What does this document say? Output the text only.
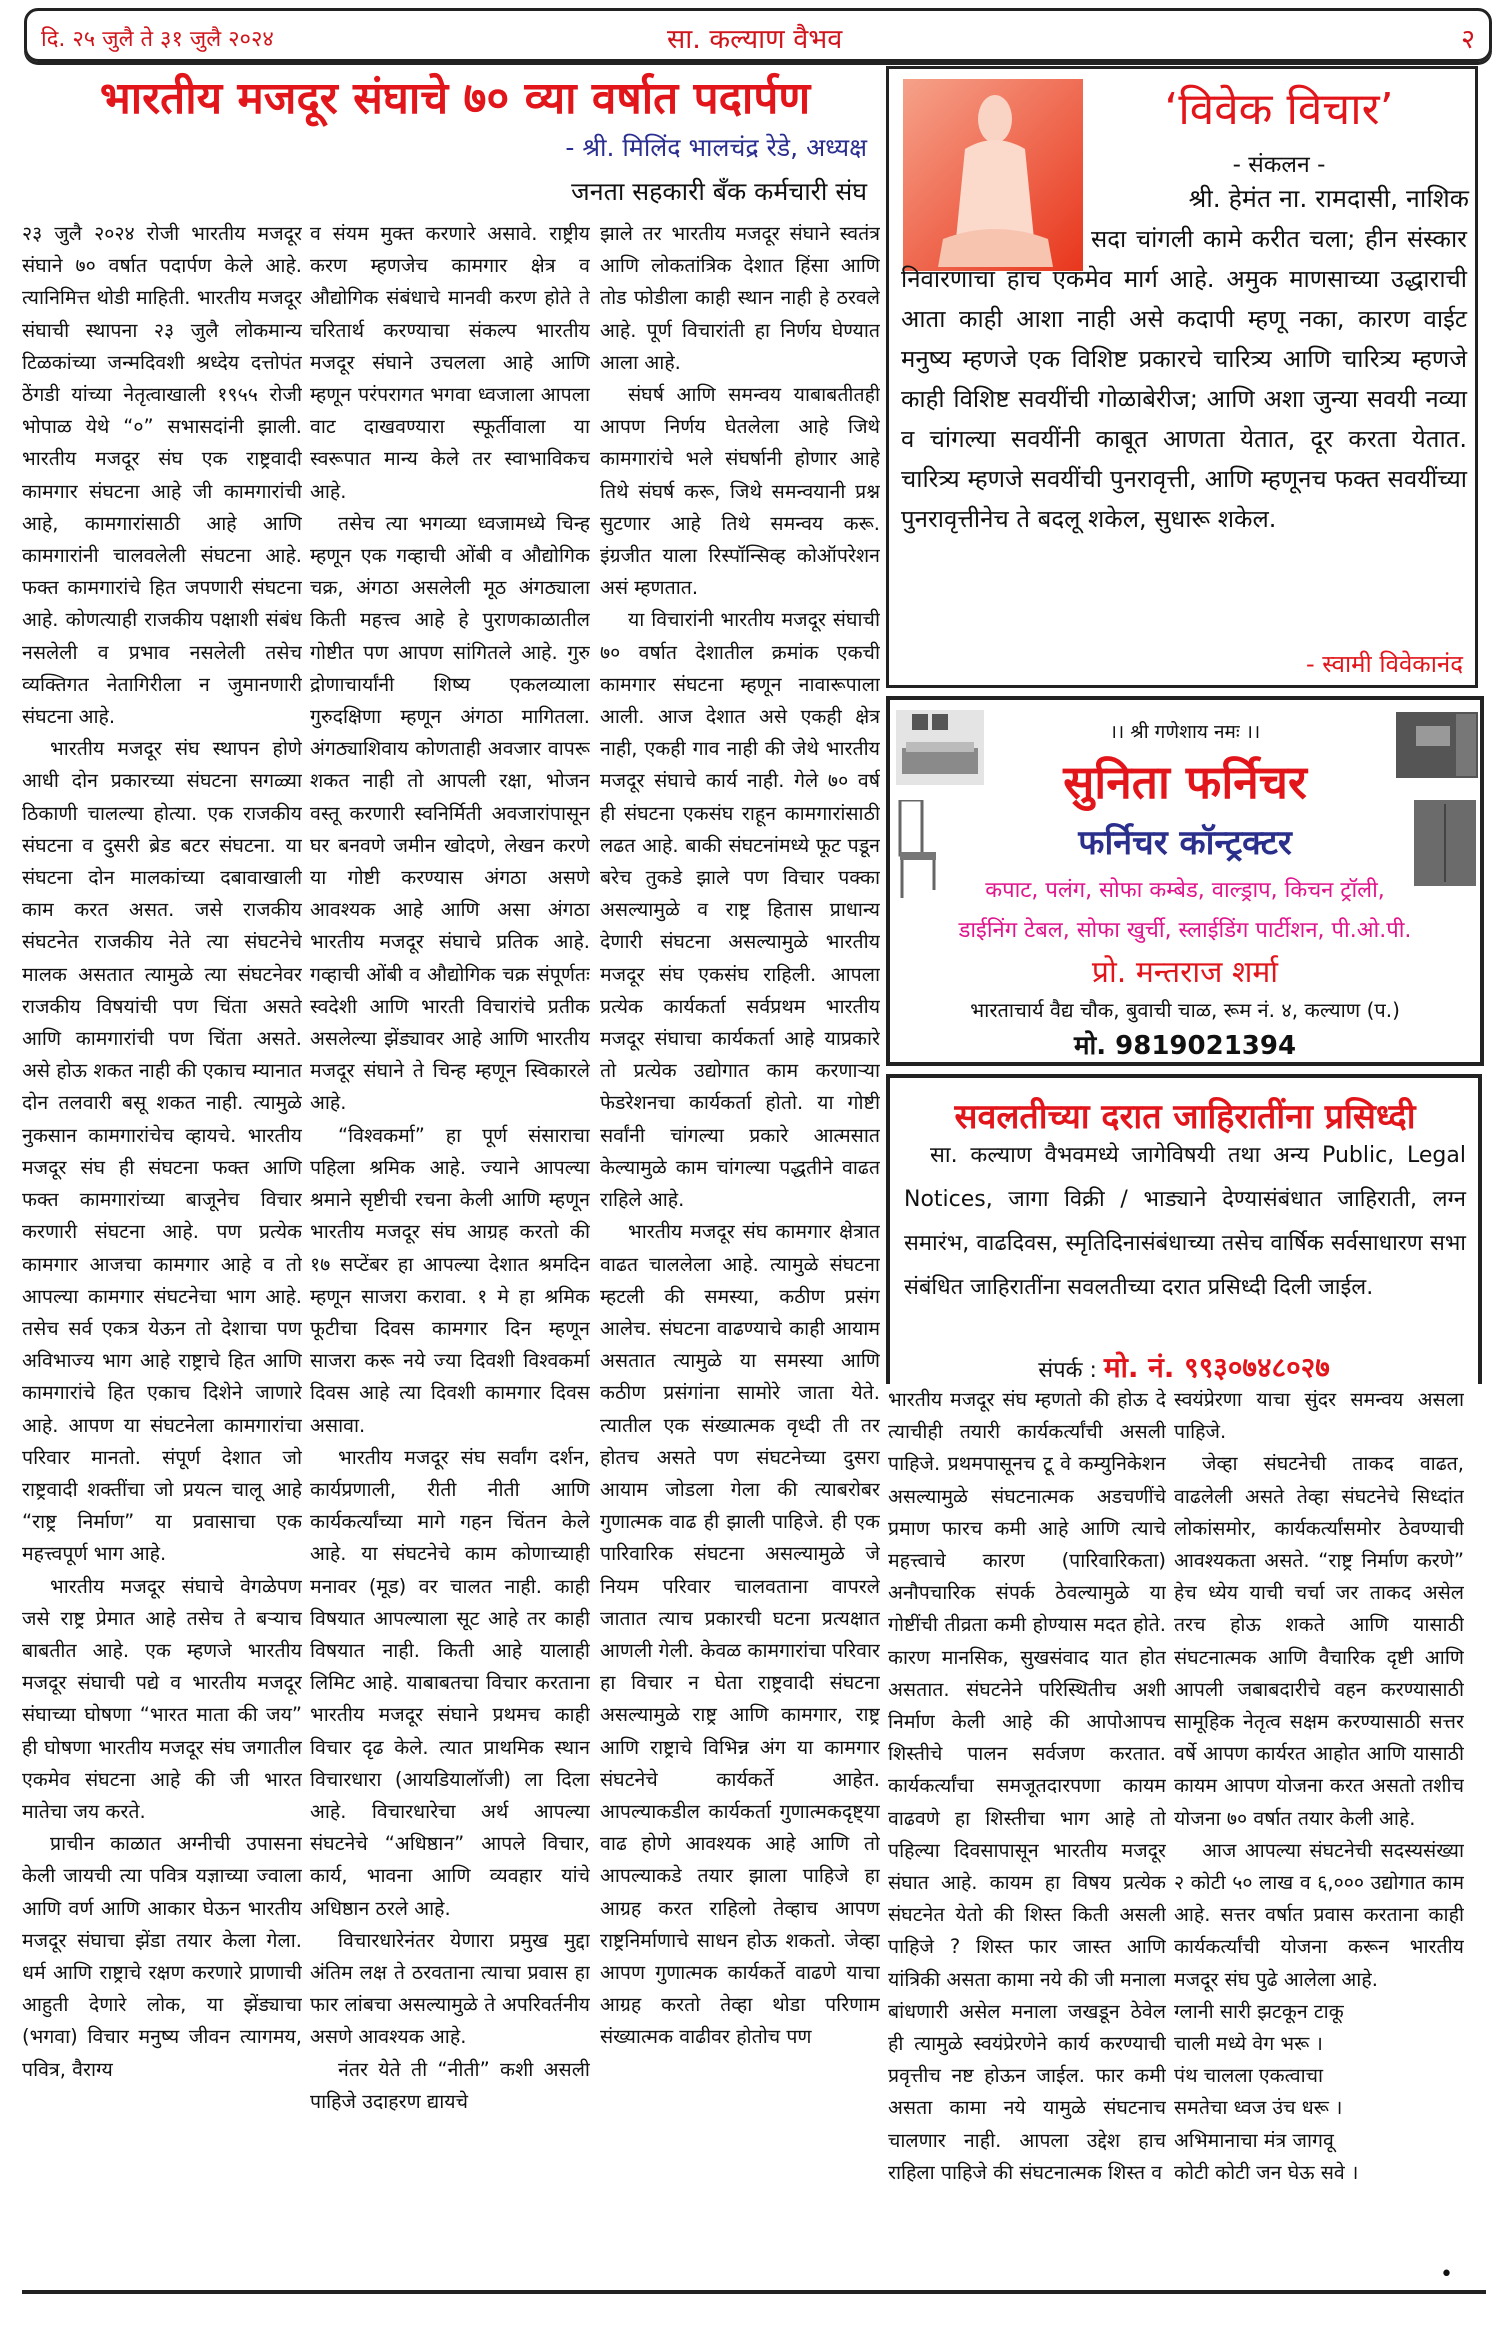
दि. २५ जुलै ते ३१ जुलै २०२४	सा. कल्याण वैभव	२
भारतीय मजदूर संघाचे ७० व्या वर्षात पदार्पण
- श्री. मिलिंद भालचंद्र रेडे, अध्यक्ष
जनता सहकारी बँक कर्मचारी संघ

२३ जुलै २०२४ रोजी भारतीय मजदूर संघाने ७० वर्षात पदार्पण केले आहे. त्यानिमित्त थोडी माहिती. भारतीय मजदूर संघाची स्थापना २३ जुलै लोकमान्य टिळकांच्या जन्मदिवशी श्रध्देय दत्तोपंत ठेंगडी यांच्या नेतृत्वाखाली १९५५ रोजी भोपाळ येथे “०” सभासदांनी झाली. भारतीय मजदूर संघ एक राष्ट्रवादी कामगार संघटना आहे जी कामगारांची आहे, कामगारांसाठी आहे आणि कामगारांनी चालवलेली संघटना आहे. फक्त कामगारांचे हित जपणारी संघटना आहे. कोणत्याही राजकीय पक्षाशी संबंध नसलेली व प्रभाव नसलेली तसेच व्यक्तिगत नेतागिरीला न जुमानणारी संघटना आहे.

भारतीय मजदूर संघ स्थापन होणे आधी दोन प्रकारच्या संघटना सगळ्या ठिकाणी चालल्या होत्या. एक राजकीय संघटना व दुसरी ब्रेड बटर संघटना. या संघटना दोन मालकांच्या दबावाखाली काम करत असत. जसे राजकीय संघटनेत राजकीय नेते त्या संघटनेचे मालक असतात त्यामुळे त्या संघटनेवर राजकीय विषयांची पण चिंता असते आणि कामगारांची पण चिंता असते. असे होऊ शकत नाही की एकाच म्यानात दोन तलवारी बसू शकत नाही. त्यामुळे नुकसान कामगारांचेच व्हायचे. भारतीय मजदूर संघ ही संघटना फक्त आणि फक्त कामगारांच्या बाजूनेच विचार करणारी संघटना आहे. पण प्रत्येक कामगार आजचा कामगार आहे व तो आपल्या कामगार संघटनेचा भाग आहे. तसेच सर्व एकत्र येऊन तो देशाचा पण अविभाज्य भाग आहे राष्ट्राचे हित आणि कामगारांचे हित एकाच दिशेने जाणारे आहे. आपण या संघटनेला कामगारांचा परिवार मानतो. संपूर्ण देशात जो राष्ट्रवादी शक्तींचा जो प्रयत्न चालू आहे “राष्ट्र निर्माण” या प्रवासाचा एक महत्त्वपूर्ण भाग आहे.

भारतीय मजदूर संघाचे वेगळेपण जसे राष्ट्र प्रेमात आहे तसेच ते बऱ्याच बाबतीत आहे. एक म्हणजे भारतीय मजदूर संघाची पद्ये व भारतीय मजदूर संघाच्या घोषणा “भारत माता की जय” ही घोषणा भारतीय मजदूर संघ जगातील एकमेव संघटना आहे की जी भारत मातेचा जय करते.

प्राचीन काळात अग्नीची उपासना केली जायची त्या पवित्र यज्ञाच्या ज्वाला आणि वर्ण आणि आकार घेऊन भारतीय मजदूर संघाचा झेंडा तयार केला गेला. धर्म आणि राष्ट्राचे रक्षण करणारे प्राणाची आहुती देणारे लोक, या झेंड्याचा (भगवा) विचार मनुष्य जीवन त्यागमय, पवित्र, वैराग्य

व संयम मुक्त करणारे असावे. राष्ट्रीय करण म्हणजेच कामगार क्षेत्र व औद्योगिक संबंधाचे मानवी करण होते ते चरितार्थ करण्याचा संकल्प भारतीय मजदूर संघाने उचलला आहे आणि म्हणून परंपरागत भगवा ध्वजाला आपला वाट दाखवण्यारा स्फूर्तीवाला या स्वरूपात मान्य केले तर स्वाभाविकच आहे.

तसेच त्या भगव्या ध्वजामध्ये चिन्ह म्हणून एक गव्हाची ओंबी व औद्योगिक चक्र, अंगठा असलेली मूठ अंगठ्याला किती महत्त्व आहे हे पुराणकाळातील गोष्टीत पण आपण सांगितले आहे. गुरु द्रोणाचार्यांनी शिष्य एकलव्याला गुरुदक्षिणा म्हणून अंगठा मागितला. अंगठ्याशिवाय कोणताही अवजार वापरू शकत नाही तो आपली रक्षा, भोजन वस्तू करणारी स्वनिर्मिती अवजारांपासून घर बनवणे जमीन खोदणे, लेखन करणे या गोष्टी करण्यास अंगठा असणे आवश्यक आहे आणि असा अंगठा भारतीय मजदूर संघाचे प्रतिक आहे. गव्हाची ओंबी व औद्योगिक चक्र संपूर्णतः स्वदेशी आणि भारती विचारांचे प्रतीक असलेल्या झेंड्यावर आहे आणि भारतीय मजदूर संघाने ते चिन्ह म्हणून स्विकारले आहे.

“विश्वकर्मा” हा पूर्ण संसाराचा पहिला श्रमिक आहे. ज्याने आपल्या श्रमाने सृष्टीची रचना केली आणि म्हणून भारतीय मजदूर संघ आग्रह करतो की १७ सप्टेंबर हा आपल्या देशात श्रमदिन म्हणून साजरा करावा. १ मे हा श्रमिक फूटीचा दिवस कामगार दिन म्हणून साजरा करू नये ज्या दिवशी विश्वकर्मा दिवस आहे त्या दिवशी कामगार दिवस असावा.

भारतीय मजदूर संघ सर्वांग दर्शन, कार्यप्रणाली, रीती नीती आणि कार्यकर्त्यांच्या मागे गहन चिंतन केले आहे. या संघटनेचे काम कोणाच्याही मनावर (मूड) वर चालत नाही. काही विषयात आपल्याला सूट आहे तर काही विषयात नाही. किती आहे यालाही लिमिट आहे. याबाबतचा विचार करताना भारतीय मजदूर संघाने प्रथमच काही विचार दृढ केले. त्यात प्राथमिक स्थान विचारधारा (आयडियालॉजी) ला दिला आहे. विचारधारेचा अर्थ आपल्या संघटनेचे “अधिष्ठान” आपले विचार, कार्य, भावना आणि व्यवहार यांचे अधिष्ठान ठरले आहे.

विचारधारेनंतर येणारा प्रमुख मुद्दा अंतिम लक्ष ते ठरवताना त्याचा प्रवास हा फार लांबचा असल्यामुळे ते अपरिवर्तनीय असणे आवश्यक आहे.

नंतर येते ती “नीती” कशी असली पाहिजे उदाहरण द्यायचे

झाले तर भारतीय मजदूर संघाने स्वतंत्र आणि लोकतांत्रिक देशात हिंसा आणि तोड फोडीला काही स्थान नाही हे ठरवले आहे. पूर्ण विचारांती हा निर्णय घेण्यात आला आहे.

संघर्ष आणि समन्वय याबाबतीतही आपण निर्णय घेतलेला आहे जिथे कामगारांचे भले संघर्षानी होणार आहे तिथे संघर्ष करू, जिथे समन्वयानी प्रश्न सुटणार आहे तिथे समन्वय करू. इंग्रजीत याला रिस्पॉन्सिव्ह कोऑपरेशन असं म्हणतात.

या विचारांनी भारतीय मजदूर संघाची ७० वर्षात देशातील क्रमांक एकची कामगार संघटना म्हणून नावारूपाला आली. आज देशात असे एकही क्षेत्र नाही, एकही गाव नाही की जेथे भारतीय मजदूर संघाचे कार्य नाही. गेले ७० वर्ष ही संघटना एकसंघ राहून कामगारांसाठी लढत आहे. बाकी संघटनांमध्ये फूट पडून बरेच तुकडे झाले पण विचार पक्का असल्यामुळे व राष्ट्र हितास प्राधान्य देणारी संघटना असल्यामुळे भारतीय मजदूर संघ एकसंघ राहिली. आपला प्रत्येक कार्यकर्ता सर्वप्रथम भारतीय मजदूर संघाचा कार्यकर्ता आहे याप्रकारे तो प्रत्येक उद्योगात काम करणाऱ्या फेडरेशनचा कार्यकर्ता होतो. या गोष्टी सर्वांनी चांगल्या प्रकारे आत्मसात केल्यामुळे काम चांगल्या पद्धतीने वाढत राहिले आहे.

भारतीय मजदूर संघ कामगार क्षेत्रात वाढत चाललेला आहे. त्यामुळे संघटना म्हटली की समस्या, कठीण प्रसंग आलेच. संघटना वाढण्याचे काही आयाम असतात त्यामुळे या समस्या आणि कठीण प्रसंगांना सामोरे जाता येते. त्यातील एक संख्यात्मक वृध्दी ती तर होतच असते पण संघटनेच्या दुसरा आयाम जोडला गेला की त्याबरोबर गुणात्मक वाढ ही झाली पाहिजे. ही एक पारिवारिक संघटना असल्यामुळे जे नियम परिवार चालवताना वापरले जातात त्याच प्रकारची घटना प्रत्यक्षात आणली गेली. केवळ कामगारांचा परिवार हा विचार न घेता राष्ट्रवादी संघटना असल्यामुळे राष्ट्र आणि कामगार, राष्ट्र आणि राष्ट्राचे विभिन्न अंग या कामगार संघटनेचे कार्यकर्ते आहेत. आपल्याकडील कार्यकर्ता गुणात्मकदृष्ट्या वाढ होणे आवश्यक आहे आणि तो आपल्याकडे तयार झाला पाहिजे हा आग्रह करत राहिलो तेव्हाच आपण राष्ट्रनिर्माणाचे साधन होऊ शकतो. जेव्हा आपण गुणात्मक कार्यकर्ते वाढणे याचा आग्रह करतो तेव्हा थोडा परिणाम संख्यात्मक वाढीवर होतोच पण

भारतीय मजदूर संघ म्हणतो की होऊ दे त्याचीही तयारी कार्यकर्त्यांची असली पाहिजे. प्रथमपासूनच टू वे कम्युनिकेशन असल्यामुळे संघटनात्मक अडचणींचे प्रमाण फारच कमी आहे आणि त्याचे महत्त्वाचे कारण (पारिवारिकता) अनौपचारिक संपर्क ठेवल्यामुळे या गोष्टींची तीव्रता कमी होण्यास मदत होते. कारण मानसिक, सुखसंवाद यात होत असतात. संघटनेने परिस्थितीच अशी निर्माण केली आहे की आपोआपच शिस्तीचे पालन सर्वजण करतात. कार्यकर्त्यांचा समजूतदारपणा कायम वाढवणे हा शिस्तीचा भाग आहे तो पहिल्या दिवसापासून भारतीय मजदूर संघात आहे. कायम हा विषय प्रत्येक संघटनेत येतो की शिस्त किती असली पाहिजे ? शिस्त फार जास्त आणि यांत्रिकी असता कामा नये की जी मनाला बांधणारी असेल मनाला जखडून ठेवेल ही त्यामुळे स्वयंप्रेरणेने कार्य करण्याची प्रवृत्तीच नष्ट होऊन जाईल. फार कमी असता कामा नये यामुळे संघटनाच चालणार नाही. आपला उद्देश हाच राहिला पाहिजे की संघटनात्मक शिस्त व

स्वयंप्रेरणा याचा सुंदर समन्वय असला पाहिजे.

जेव्हा संघटनेची ताकद वाढत, वाढलेली असते तेव्हा संघटनेचे सिध्दांत लोकांसमोर, कार्यकर्त्यांसमोर ठेवण्याची आवश्यकता असते. “राष्ट्र निर्माण करणे” हेच ध्येय याची चर्चा जर ताकद असेल तरच होऊ शकते आणि यासाठी संघटनात्मक आणि वैचारिक दृष्टी आणि आपली जबाबदारीचे वहन करण्यासाठी सामूहिक नेतृत्व सक्षम करण्यासाठी सत्तर वर्षे आपण कार्यरत आहोत आणि यासाठी कायम आपण योजना करत असतो तशीच योजना ७० वर्षात तयार केली आहे.

आज आपल्या संघटनेची सदस्यसंख्या २ कोटी ५० लाख व ६,००० उद्योगात काम आहे. सत्तर वर्षात प्रवास करताना काही कार्यकर्त्यांची योजना करून भारतीय मजदूर संघ पुढे आलेला आहे.

ग्लानी सारी झटकून टाकू

चाली मध्ये वेग भरू ।

पंथ चालला एकत्वाचा

समतेचा ध्वज उंच धरू ।

अभिमानाचा मंत्र जागवू

कोटी कोटी जन घेऊ सवे ।

•
‘विवेक विचार’
- संकलन -
श्री. हेमंत ना. रामदासी, नाशिक
सदा चांगली कामे करीत चला; हीन संस्कार निवारणाचा हाच एकमेव मार्ग आहे. अमुक माणसाच्या उद्धाराची आता काही आशा नाही असे कदापी म्हणू नका, कारण वाईट मनुष्य म्हणजे एक विशिष्ट प्रकारचे चारित्र्य आणि चारित्र्य म्हणजे काही विशिष्ट सवयींची गोळाबेरीज; आणि अशा जुन्या सवयी नव्या व चांगल्या सवयींनी काबूत आणता येतात, दूर करता येतात. चारित्र्य म्हणजे सवयींची पुनरावृत्ती, आणि म्हणूनच फक्त सवयींच्या पुनरावृत्तीनेच ते बदलू शकेल, सुधारू शकेल.
- स्वामी विवेकानंद
।। श्री गणेशाय नमः ।।
सुनिता फर्निचर
फर्निचर कॉन्ट्रक्टर
कपाट, पलंग, सोफा कम्बेड, वाल्ड्राप, किचन ट्रॉली,
डाईनिंग टेबल, सोफा खुर्ची, स्लाईडिंग पार्टीशन, पी.ओ.पी.
प्रो. मन्तराज शर्मा
भारताचार्य वैद्य चौक, बुवाची चाळ, रूम नं. ४, कल्याण (प.)
मो. 9819021394
सवलतीच्या दरात जाहिरातींना प्रसिध्दी
सा. कल्याण वैभवमध्ये जागेविषयी तथा अन्य Public, Legal Notices, जागा विक्री / भाड्याने देण्यासंबंधात जाहिराती, लग्न समारंभ, वाढदिवस, स्मृतिदिनासंबंधाच्या तसेच वार्षिक सर्वसाधारण सभा संबंधित जाहिरातींना सवलतीच्या दरात प्रसिध्दी दिली जाईल.
संपर्क : मो. नं. ९९३०७४८०२७
